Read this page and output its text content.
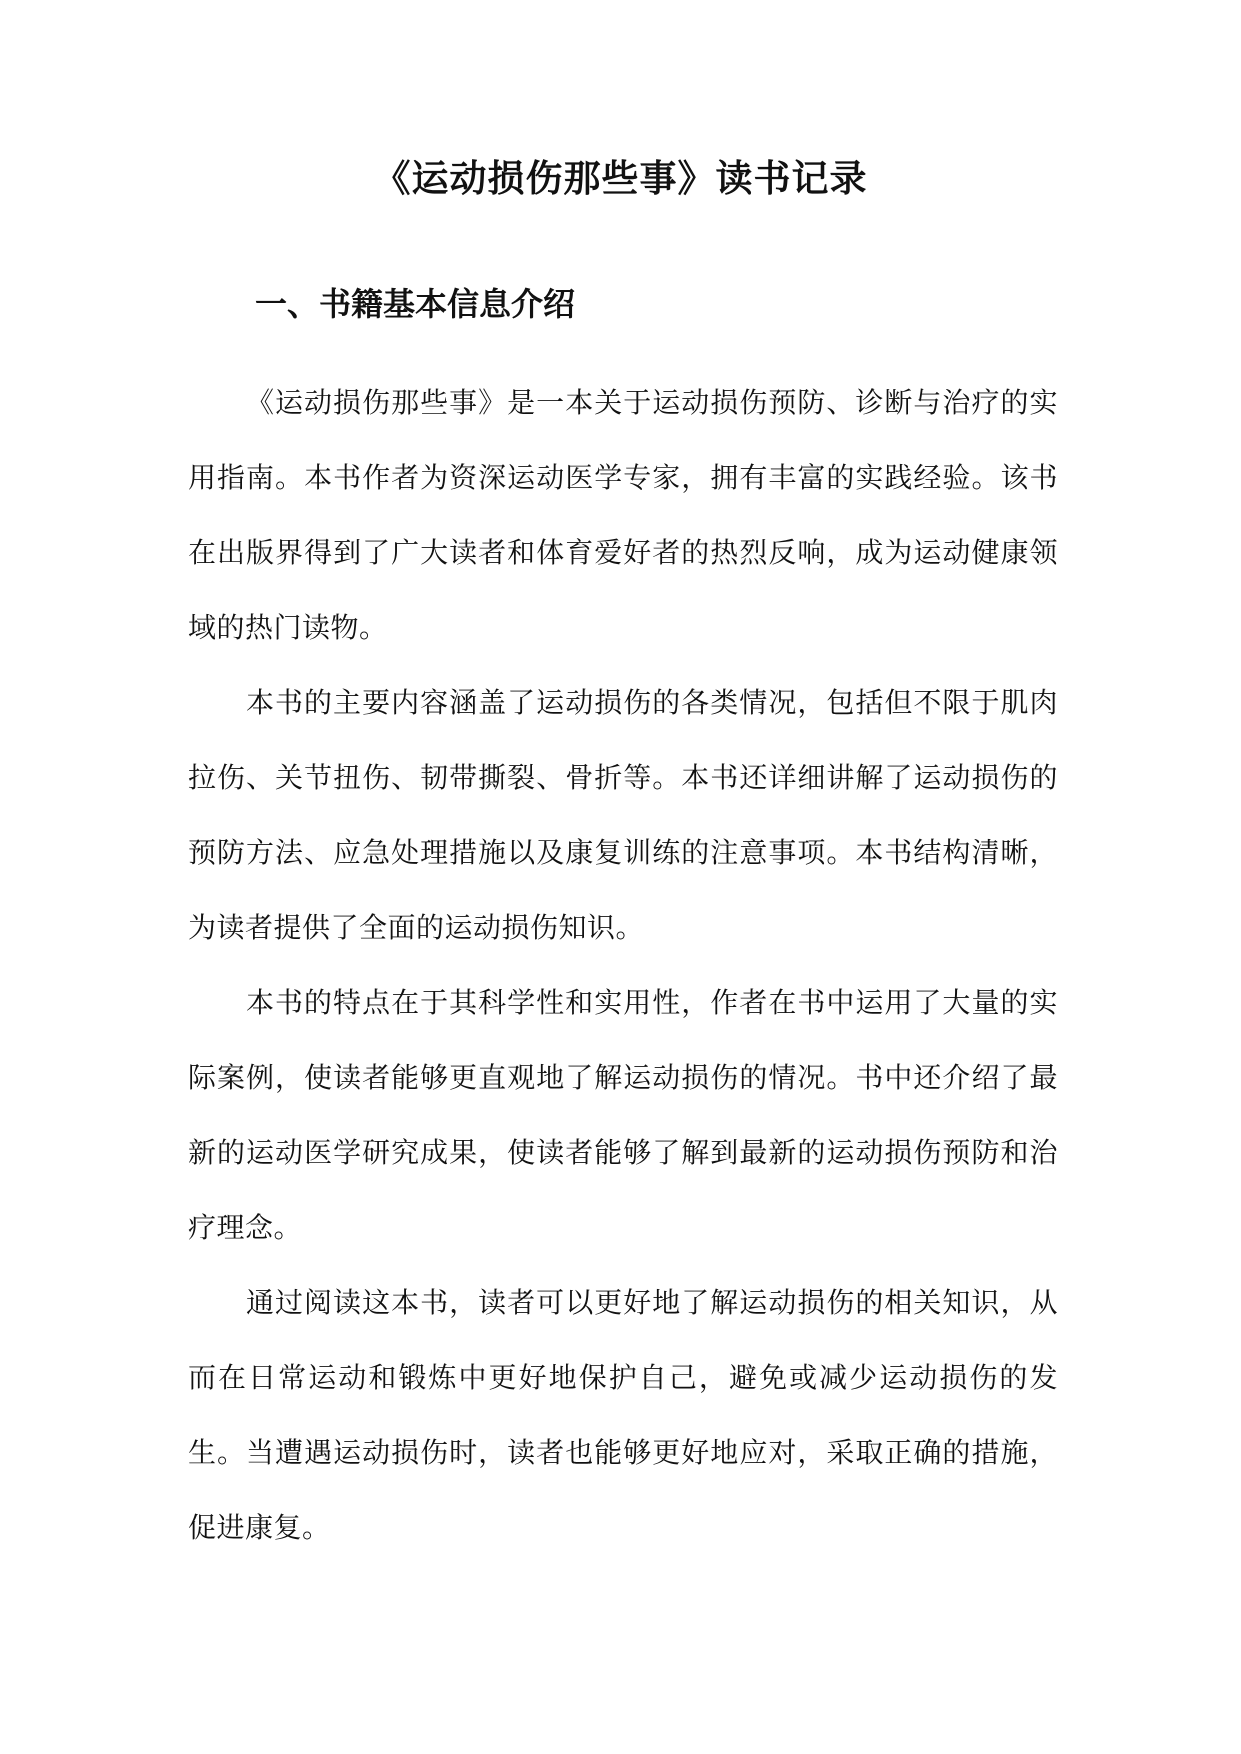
《运动损伤那些事》读书记录
一、书籍基本信息介绍

《运动损伤那些事》是一本关于运动损伤预防、诊断与治疗的实用指南。本书作者为资深运动医学专家，拥有丰富的实践经验。该书在出版界得到了广大读者和体育爱好者的热烈反响，成为运动健康领域的热门读物。

本书的主要内容涵盖了运动损伤的各类情况，包括但不限于肌肉拉伤、关节扭伤、韧带撕裂、骨折等。本书还详细讲解了运动损伤的预防方法、应急处理措施以及康复训练的注意事项。本书结构清晰，为读者提供了全面的运动损伤知识。

本书的特点在于其科学性和实用性，作者在书中运用了大量的实际案例，使读者能够更直观地了解运动损伤的情况。书中还介绍了最新的运动医学研究成果，使读者能够了解到最新的运动损伤预防和治疗理念。

通过阅读这本书，读者可以更好地了解运动损伤的相关知识，从而在日常运动和锻炼中更好地保护自己，避免或减少运动损伤的发生。当遭遇运动损伤时，读者也能够更好地应对，采取正确的措施，促进康复。
